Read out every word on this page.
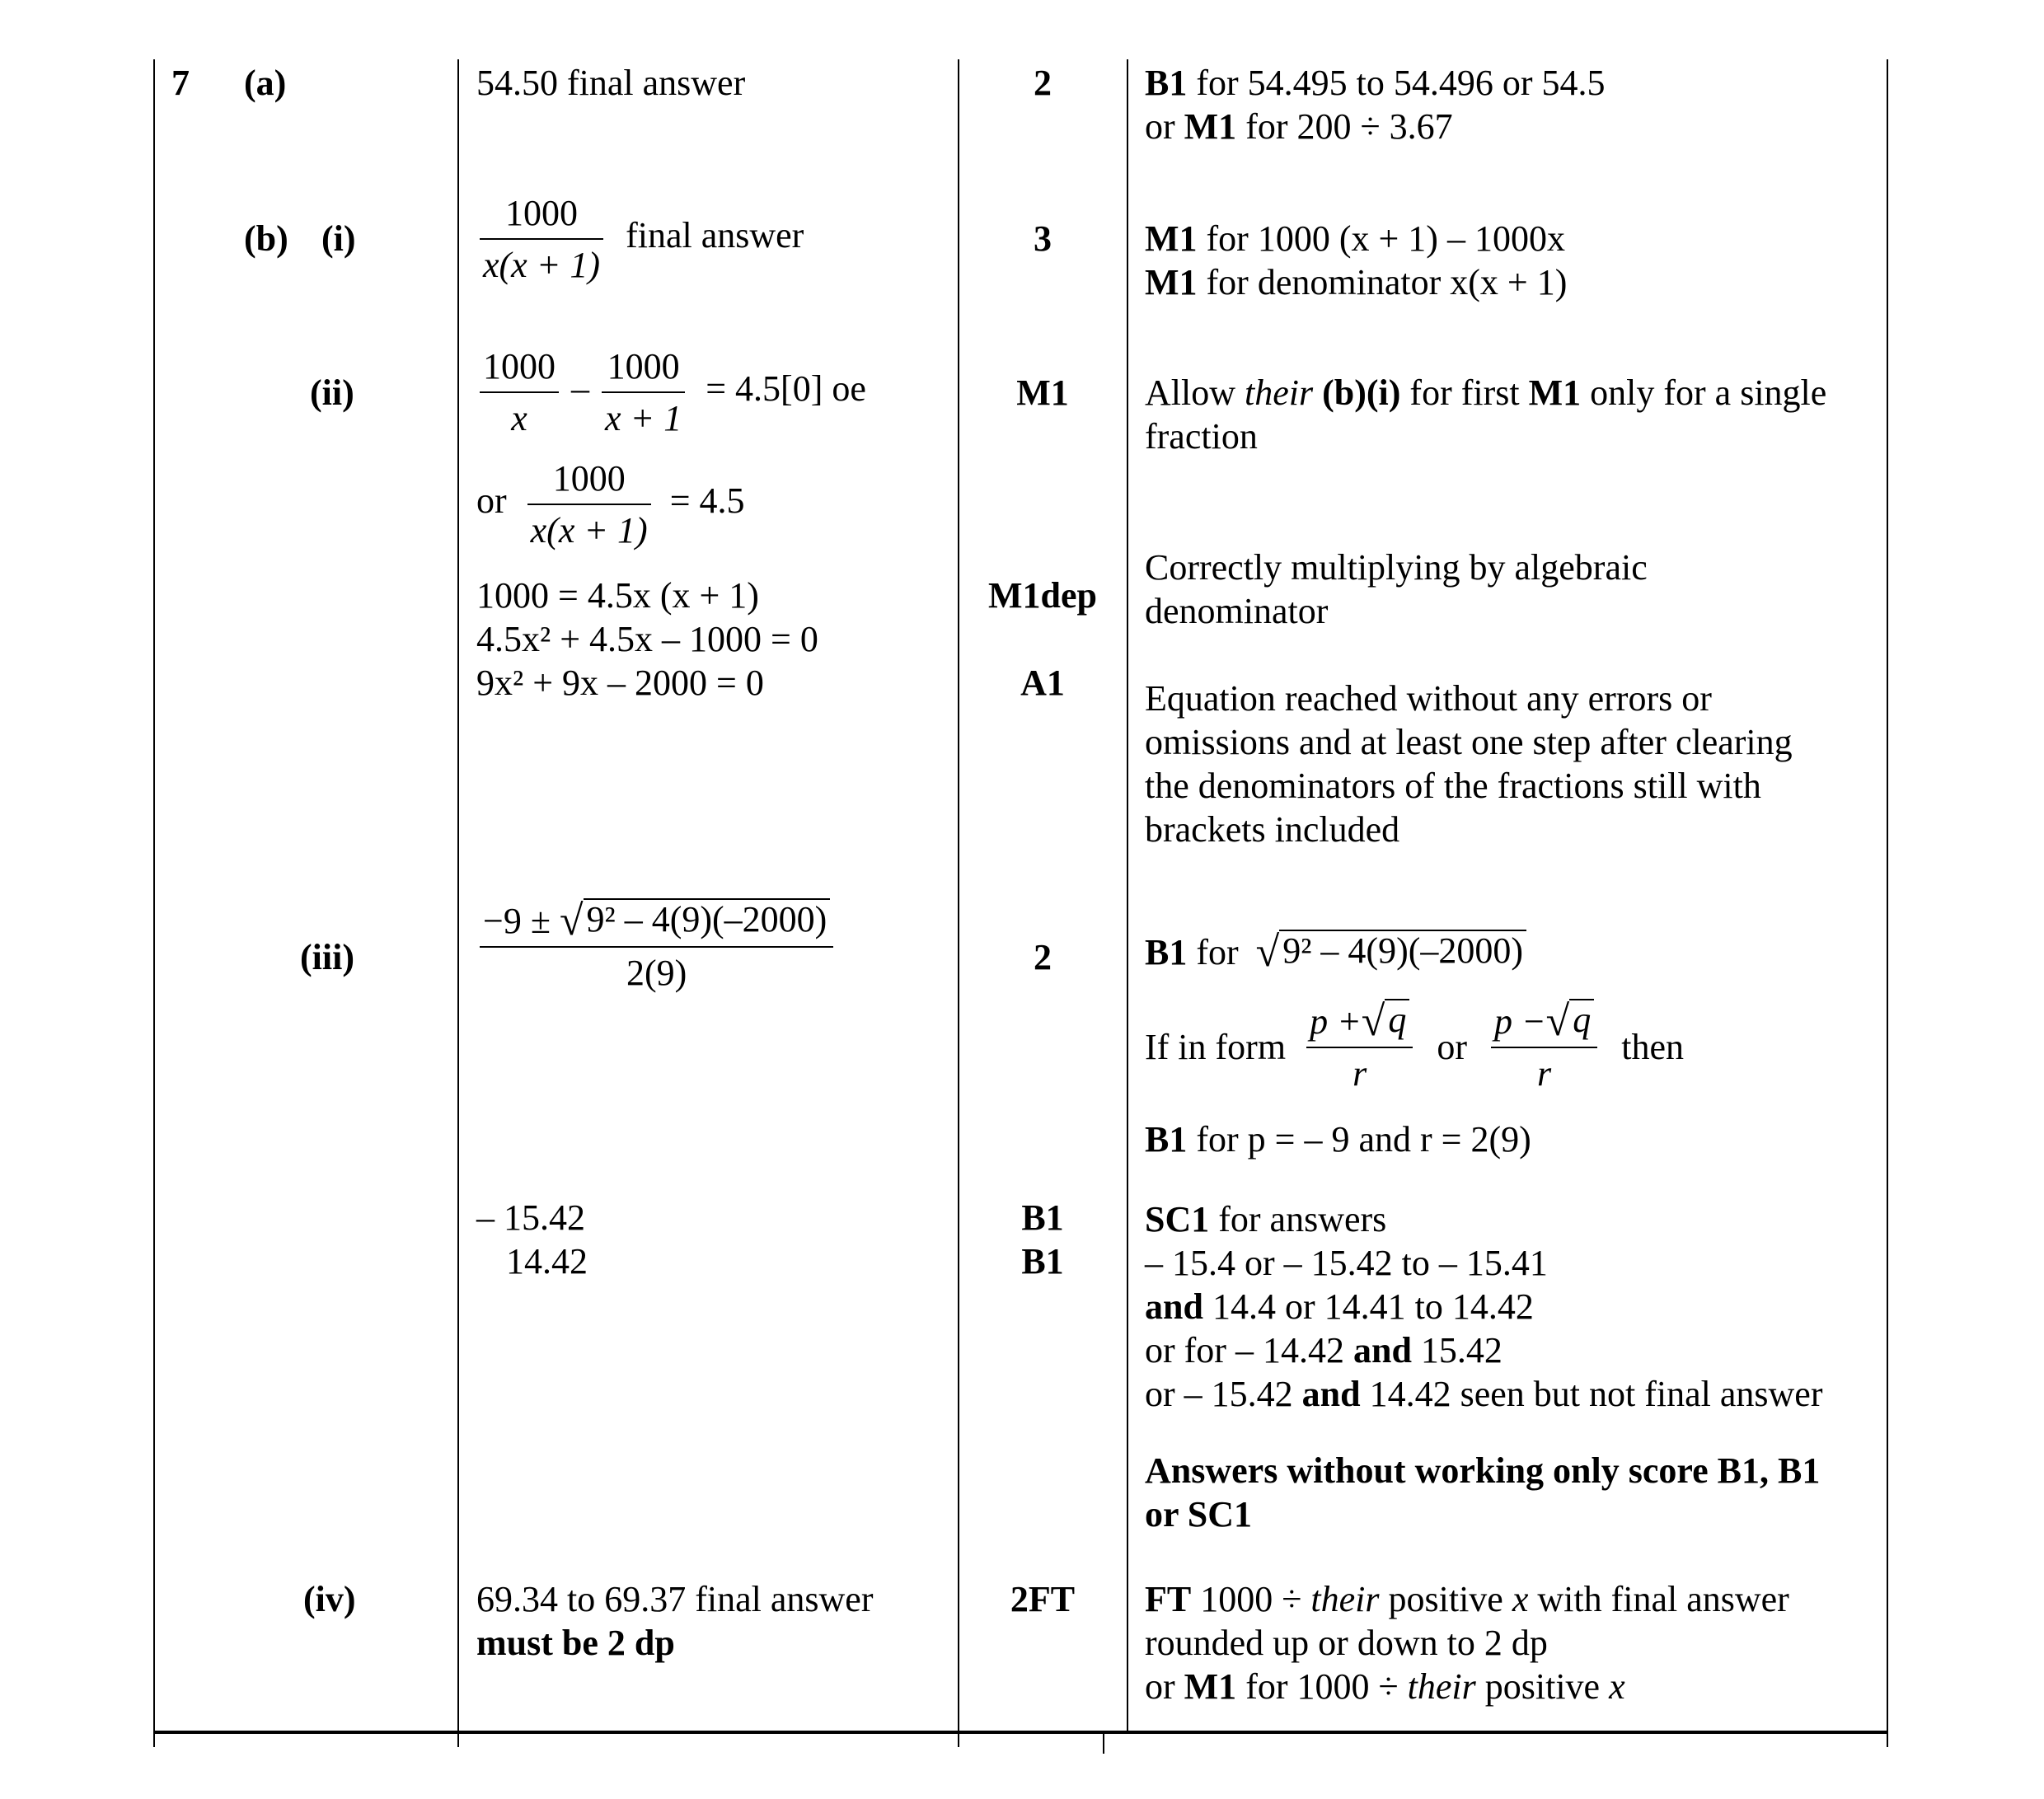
7 (a)
(b) (i)
(ii)
(iii)
(iv)
54.50 final answer
$\frac{1000}{x(x + 1)}$ final answer
$\frac{1000}{x} - \frac{1000}{x + 1} = 4.5[0]$ oe
or $\frac{1000}{x(x + 1)} = 4.5$
1000 = 4.5x (x + 1)
4.5x² + 4.5x – 1000 = 0
9x² + 9x – 2000 = 0
$\frac{\text{−9 ± √ 9² – 4(9)(–2000)}}{2(9)}$
– 15.42
14.42
69.34 to 69.37 final answer
must be 2 dp
2
3
M1
M1dep
A1
2
B1
B1
2FT
B1 for 54.495 to 54.496 or 54.5
or M1 for 200 ÷ 3.67
M1 for 1000 (x + 1) – 1000x
M1 for denominator x(x + 1)
Allow their (b)(i) for first M1 only for a single
fraction
Correctly multiplying by algebraic
denominator
Equation reached without any errors or
omissions and at least one step after clearing
the denominators of the fractions still with
brackets included
B1 for √ 9² – 4(9)(–2000)
If in form $\frac{p + √ q}{r}$ or $\frac{p - √ q}{r}$ then
B1 for p = – 9 and r = 2(9)
SC1 for answers
– 15.4 or – 15.42 to – 15.41
and 14.4 or 14.41 to 14.42
or for – 14.42 and 15.42
or – 15.42 and 14.42 seen but not final answer
Answers without working only score B1, B1
or SC1
FT 1000 ÷ their positive x with final answer
rounded up or down to 2 dp
or M1 for 1000 ÷ their positive x
